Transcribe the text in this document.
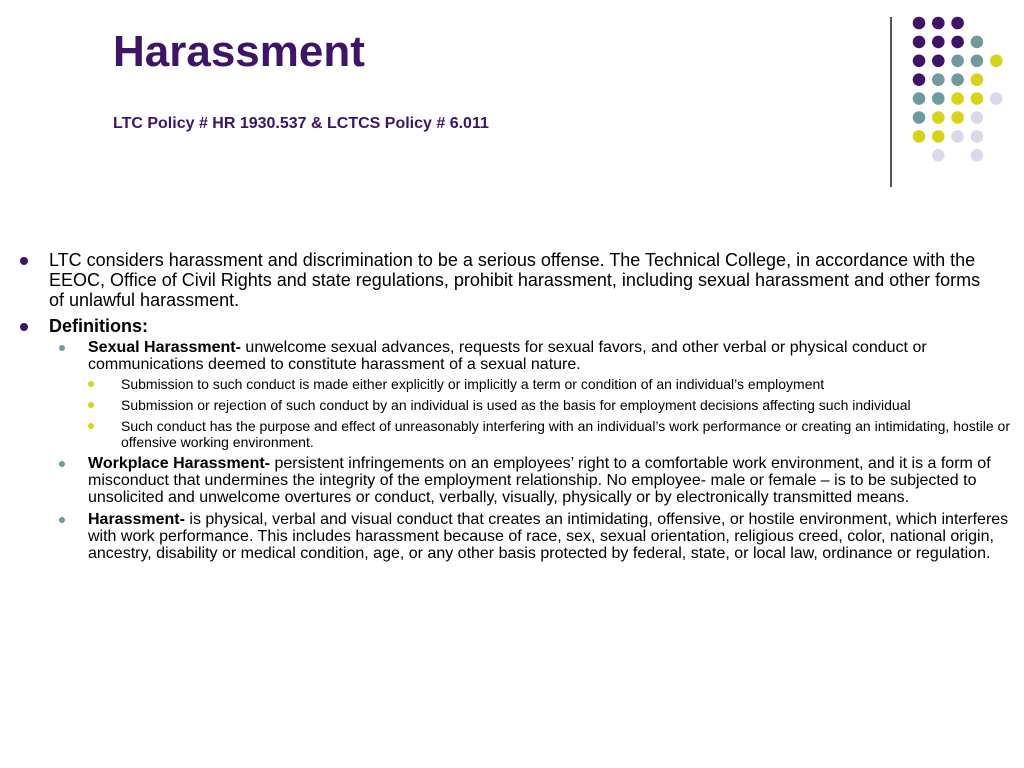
Harassment
LTC Policy # HR 1930.537 & LCTCS Policy # 6.011
LTC considers harassment and discrimination to be a serious offense. The Technical College, in accordance with the EEOC, Office of Civil Rights and state regulations, prohibit harassment, including sexual harassment and other forms of unlawful harassment.
Definitions:
Sexual Harassment- unwelcome sexual advances, requests for sexual favors, and other verbal or physical conduct or communications deemed to constitute harassment of a sexual nature.
Submission to such conduct is made either explicitly or implicitly a term or condition of an individual’s employment
Submission or rejection of such conduct by an individual is used as the basis for employment decisions affecting such individual
Such conduct has the purpose and effect of unreasonably interfering with an individual’s work performance or creating an intimidating, hostile or offensive working environment.
Workplace Harassment- persistent infringements on an employees’ right to a comfortable work environment, and it is a form of misconduct that undermines the integrity of the employment relationship. No employee- male or female – is to be subjected to unsolicited and unwelcome overtures or conduct, verbally, visually, physically or by electronically transmitted means.
Harassment- is physical, verbal and visual conduct that creates an intimidating, offensive, or hostile environment, which interferes with work performance. This includes harassment because of race, sex, sexual orientation, religious creed, color, national origin, ancestry, disability or medical condition, age, or any other basis protected by federal, state, or local law, ordinance or regulation.
